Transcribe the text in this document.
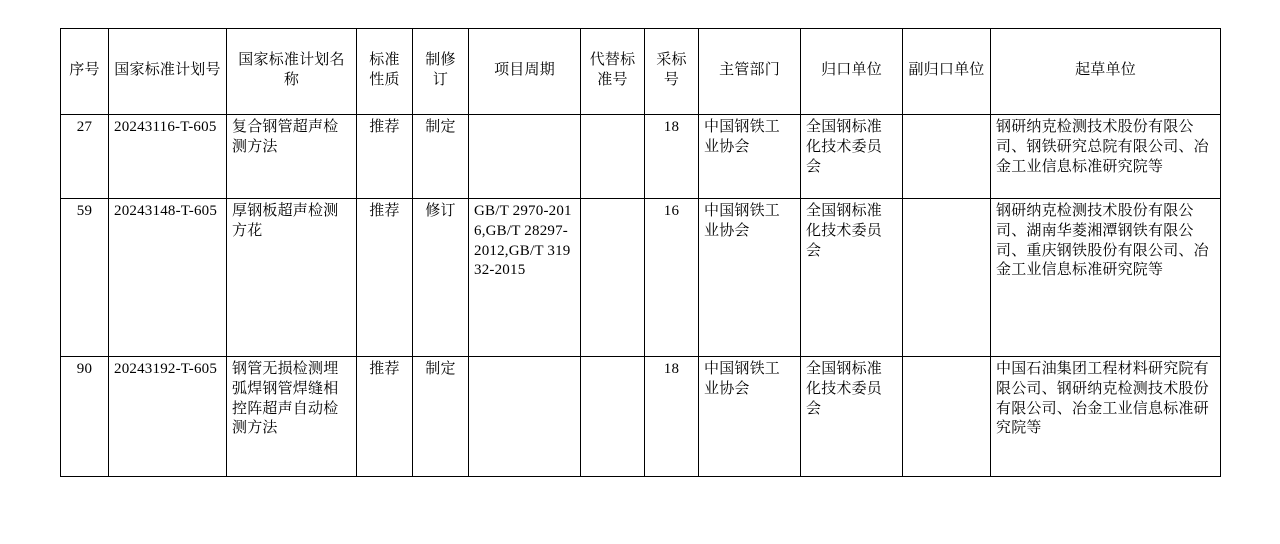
序号	国家标准计划号	国家标准计划名称	标准性质	制修订	项目周期	代替标准号	采标号	主管部门	归口单位	副归口单位	起草单位
27	20243116-T-605	复合钢管超声检测方法	推荐	制定			18	中国钢铁工业协会	全国钢标准化技术委员会		钢研纳克检测技术股份有限公司、钢铁研究总院有限公司、冶金工业信息标准研究院等
59	20243148-T-605	厚钢板超声检测方花	推荐	修订	GB/T 2970-2016,GB/T 28297-2012,GB/T 31932-2015		16	中国钢铁工业协会	全国钢标准化技术委员会		钢研纳克检测技术股份有限公司、湖南华菱湘潭钢铁有限公司、重庆钢铁股份有限公司、冶金工业信息标准研究院等
90	20243192-T-605	钢管无损检测埋弧焊钢管焊缝相控阵超声自动检测方法	推荐	制定			18	中国钢铁工业协会	全国钢标准化技术委员会		中国石油集团工程材料研究院有限公司、钢研纳克检测技术股份有限公司、冶金工业信息标准研究院等
